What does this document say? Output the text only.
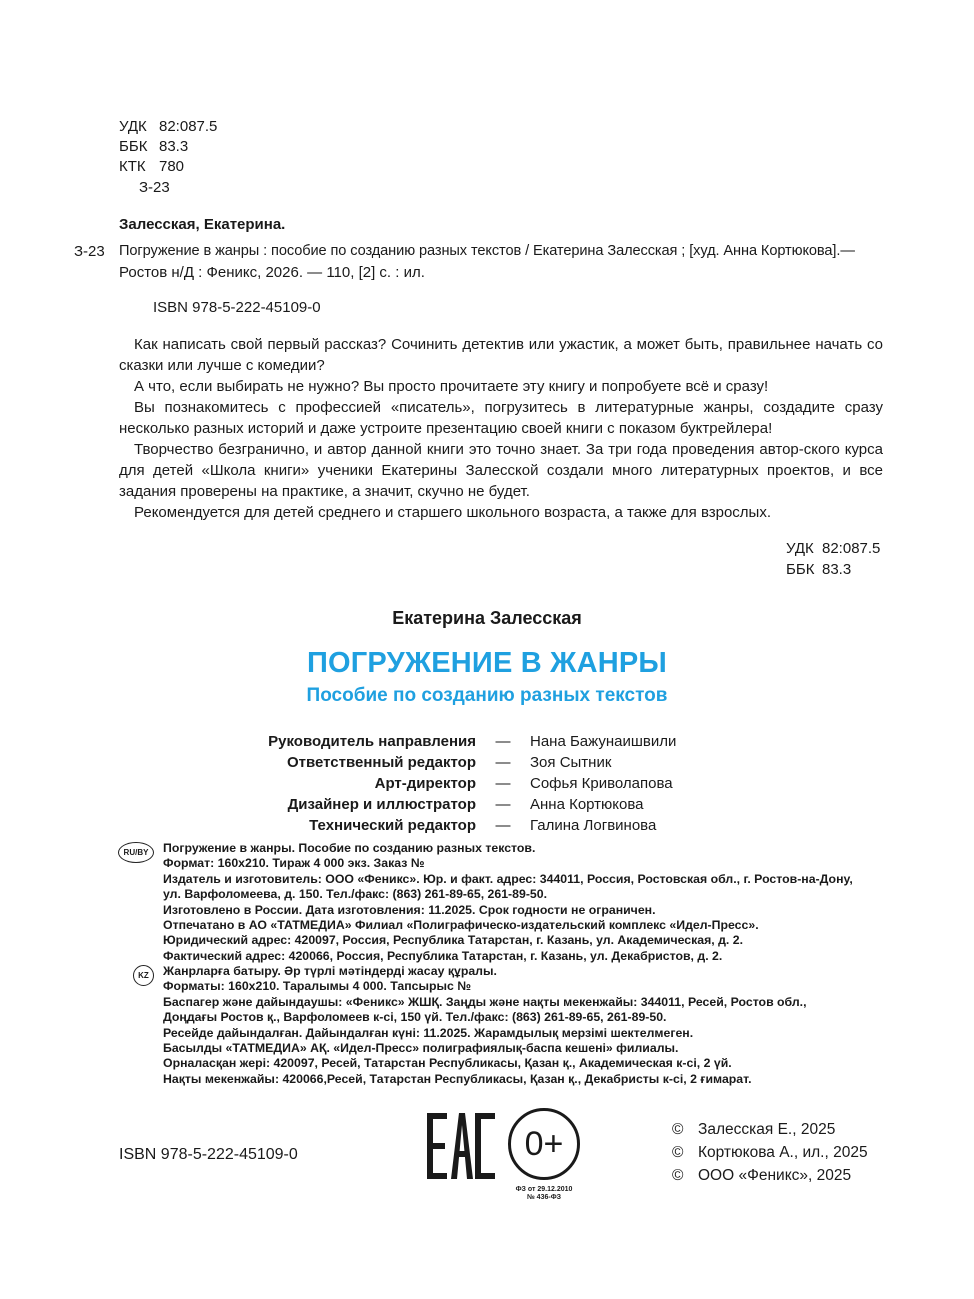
УДК 82:087.5
ББК 83.3
КТК 780
З-23
Залесская, Екатерина.
З-23 Погружение в жанры : пособие по созданию разных текстов / Екатерина Залесская ; [худ. Анна Кортюкова].—
Ростов н/Д : Феникс, 2026. — 110, [2] с. : ил.
ISBN 978-5-222-45109-0

Как написать свой первый рассказ? Сочинить детектив или ужастик, а может быть, правильнее начать со сказки или лучше с комедии?

А что, если выбирать не нужно? Вы просто прочитаете эту книгу и попробуете всё и сразу!

Вы познакомитесь с профессией «писатель», погрузитесь в литературные жанры, создадите сразу несколько разных историй и даже устроите презентацию своей книги с показом буктрейлера!

Творчество безгранично, и автор данной книги это точно знает. За три года проведения автор-ского курса для детей «Школа книги» ученики Екатерины Залесской создали много литературных проектов, и все задания проверены на практике, а значит, скучно не будет.

Рекомендуется для детей среднего и старшего школьного возраста, а также для взрослых.

УДК 82:087.5
ББК 83.3
Екатерина Залесская
ПОГРУЖЕНИЕ В ЖАНРЫ
Пособие по созданию разных текстов
Руководитель направления	—	Нана Бажунаишвили
Ответственный редактор	—	Зоя Сытник
Арт-директор	—	Софья Криволапова
Дизайнер и иллюстратор	—	Анна Кортюкова
Технический редактор	—	Галина Логвинова
RU/BY	Погружение в жанры. Пособие по созданию разных текстов.
Формат: 160x210. Тираж 4 000 экз. Заказ №
Издатель и изготовитель: ООО «Феникс». Юр. и факт. адрес: 344011, Россия, Ростовская обл., г. Ростов-на-Дону,
ул. Варфоломеева, д. 150. Тел./факс: (863) 261-89-65, 261-89-50.
Изготовлено в России. Дата изготовления: 11.2025. Срок годности не ограничен.
Отпечатано в АО «ТАТМЕДИА» Филиал «Полиграфическо-издательский комплекс «Идел-Пресс».
Юридический адрес: 420097, Россия, Республика Татарстан, г. Казань, ул. Академическая, д. 2.
Фактический адрес: 420066, Россия, Республика Татарстан, г. Казань, ул. Декабристов, д. 2.
KZ	Жанрларға батыру. Әр түрлі мәтіндерді жасау құралы.
Форматы: 160x210. Таралымы 4 000. Тапсырыс №
Баспагер және дайындаушы: «Феникс» ЖШҚ. Заңды және нақты мекенжайы: 344011, Ресей, Ростов обл.,
Доңдағы Ростов қ., Варфоломеев к-сі, 150 үй. Тел./факс: (863) 261-89-65, 261-89-50.
Ресейде дайындалған. Дайындалған күні: 11.2025. Жарамдылық мерзімі шектелмеген.
Басылды «ТАТМЕДИА» АҚ. «Идел-Пресс» полиграфиялық-баспа кешені» филиалы.
Орналасқан жері: 420097, Ресей, Татарстан Республикасы, Қазан қ., Академическая к-сі, 2 үй.
Нақты мекенжайы: 420066,Ресей, Татарстан Республикасы, Қазан қ., Декабристы к-сі, 2 ғимарат.
ISBN 978-5-222-45109-0	0+
ФЗ от 29.12.2010
№ 436-ФЗ
© Залесская Е., 2025
© Кортюкова А., ил., 2025
© ООО «Феникс», 2025
